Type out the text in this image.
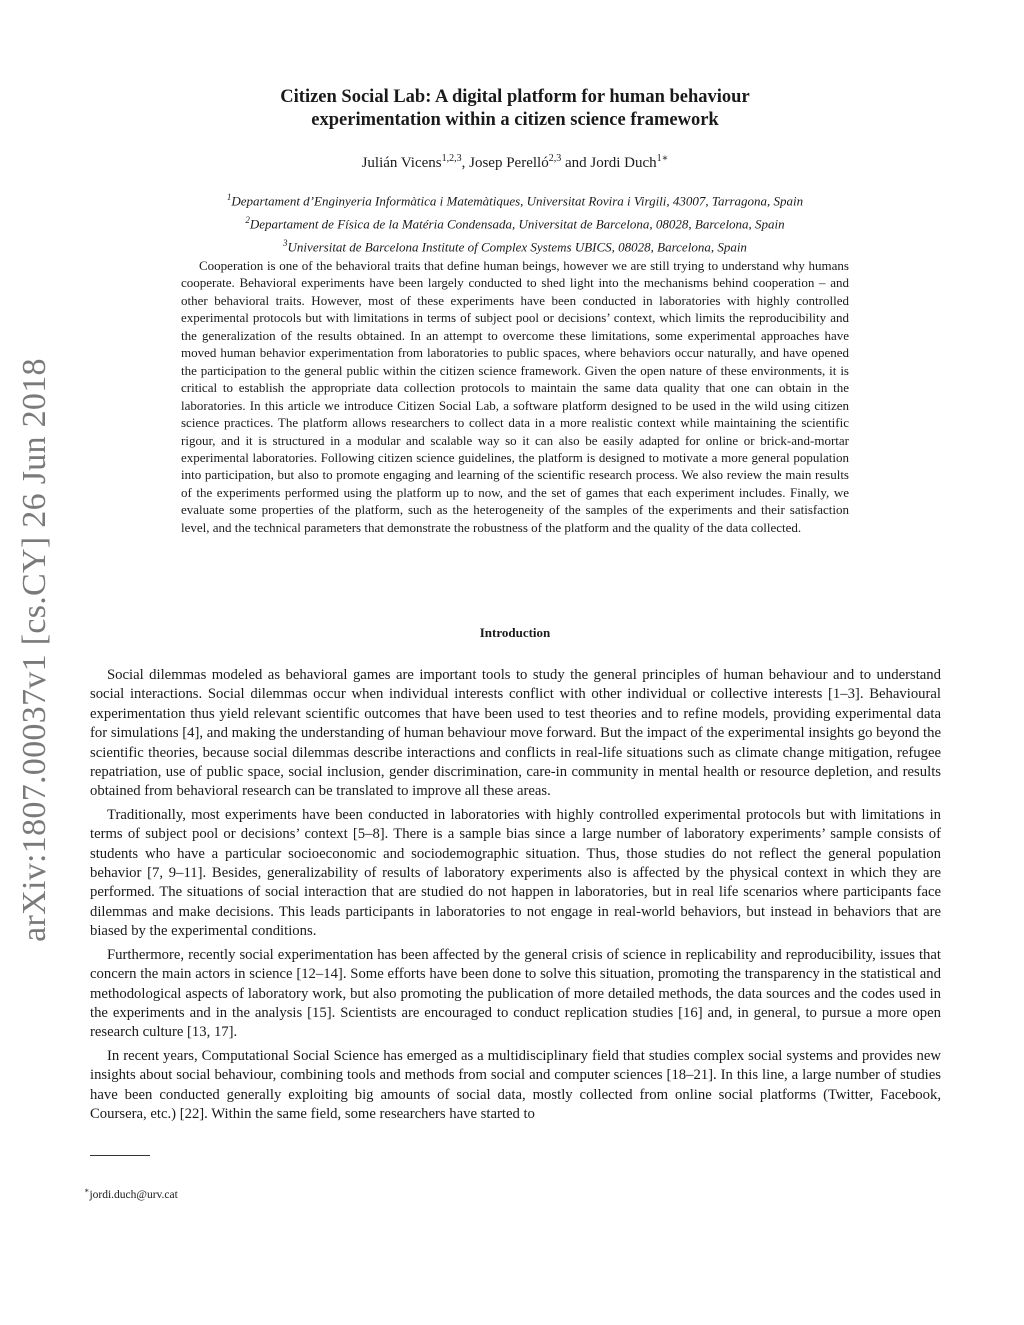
arXiv:1807.00037v1 [cs.CY] 26 Jun 2018
Citizen Social Lab: A digital platform for human behaviour
experimentation within a citizen science framework
Julián Vicens$^{1,2,3}$, Josep Perelló$^{2,3}$ and Jordi Duch$^{1∗}$
$^1$Departament d’Enginyeria Informàtica i Matemàtiques, Universitat Rovira i Virgili, 43007, Tarragona, Spain
$^2$Departament de Física de la Matéria Condensada, Universitat de Barcelona, 08028, Barcelona, Spain
$^3$Universitat de Barcelona Institute of Complex Systems UBICS, 08028, Barcelona, Spain

Cooperation is one of the behavioral traits that define human beings, however we are still trying to understand why humans cooperate. Behavioral experiments have been largely conducted to shed light into the mechanisms behind cooperation – and other behavioral traits. However, most of these experiments have been conducted in laboratories with highly controlled experimental protocols but with limitations in terms of subject pool or decisions’ context, which limits the reproducibility and the generalization of the results obtained. In an attempt to overcome these limitations, some experimental approaches have moved human behavior experimentation from laboratories to public spaces, where behaviors occur naturally, and have opened the participation to the general public within the citizen science framework. Given the open nature of these environments, it is critical to establish the appropriate data collection protocols to maintain the same data quality that one can obtain in the laboratories. In this article we introduce Citizen Social Lab, a software platform designed to be used in the wild using citizen science practices. The platform allows researchers to collect data in a more realistic context while maintaining the scientific rigour, and it is structured in a modular and scalable way so it can also be easily adapted for online or brick-and-mortar experimental laboratories. Following citizen science guidelines, the platform is designed to motivate a more general population into participation, but also to promote engaging and learning of the scientific research process. We also review the main results of the experiments performed using the platform up to now, and the set of games that each experiment includes. Finally, we evaluate some properties of the platform, such as the heterogeneity of the samples of the experiments and their satisfaction level, and the technical parameters that demonstrate the robustness of the platform and the quality of the data collected.

Introduction

Social dilemmas modeled as behavioral games are important tools to study the general principles of human behaviour and to understand social interactions. Social dilemmas occur when individual interests conflict with other individual or collective interests [1–3]. Behavioural experimentation thus yield relevant scientific outcomes that have been used to test theories and to refine models, providing experimental data for simulations [4], and making the understanding of human behaviour move forward. But the impact of the experimental insights go beyond the scientific theories, because social dilemmas describe interactions and conflicts in real-life situations such as climate change mitigation, refugee repatriation, use of public space, social inclusion, gender discrimination, care-in community in mental health or resource depletion, and results obtained from behavioral research can be translated to improve all these areas.

Traditionally, most experiments have been conducted in laboratories with highly controlled experimental protocols but with limitations in terms of subject pool or decisions’ context [5–8]. There is a sample bias since a large number of laboratory experiments’ sample consists of students who have a particular socioeconomic and sociodemographic situation. Thus, those studies do not reflect the general population behavior [7, 9–11]. Besides, generalizability of results of laboratory experiments also is affected by the physical context in which they are performed. The situations of social interaction that are studied do not happen in laboratories, but in real life scenarios where participants face dilemmas and make decisions. This leads participants in laboratories to not engage in real-world behaviors, but instead in behaviors that are biased by the experimental conditions.

Furthermore, recently social experimentation has been affected by the general crisis of science in replicability and reproducibility, issues that concern the main actors in science [12–14]. Some efforts have been done to solve this situation, promoting the transparency in the statistical and methodological aspects of laboratory work, but also promoting the publication of more detailed methods, the data sources and the codes used in the experiments and in the analysis [15]. Scientists are encouraged to conduct replication studies [16] and, in general, to pursue a more open research culture [13, 17].

In recent years, Computational Social Science has emerged as a multidisciplinary field that studies complex social systems and provides new insights about social behaviour, combining tools and methods from social and computer sciences [18–21]. In this line, a large number of studies have been conducted generally exploiting big amounts of social data, mostly collected from online social platforms (Twitter, Facebook, Coursera, etc.) [22]. Within the same field, some researchers have started to

∗jordi.duch@urv.cat
